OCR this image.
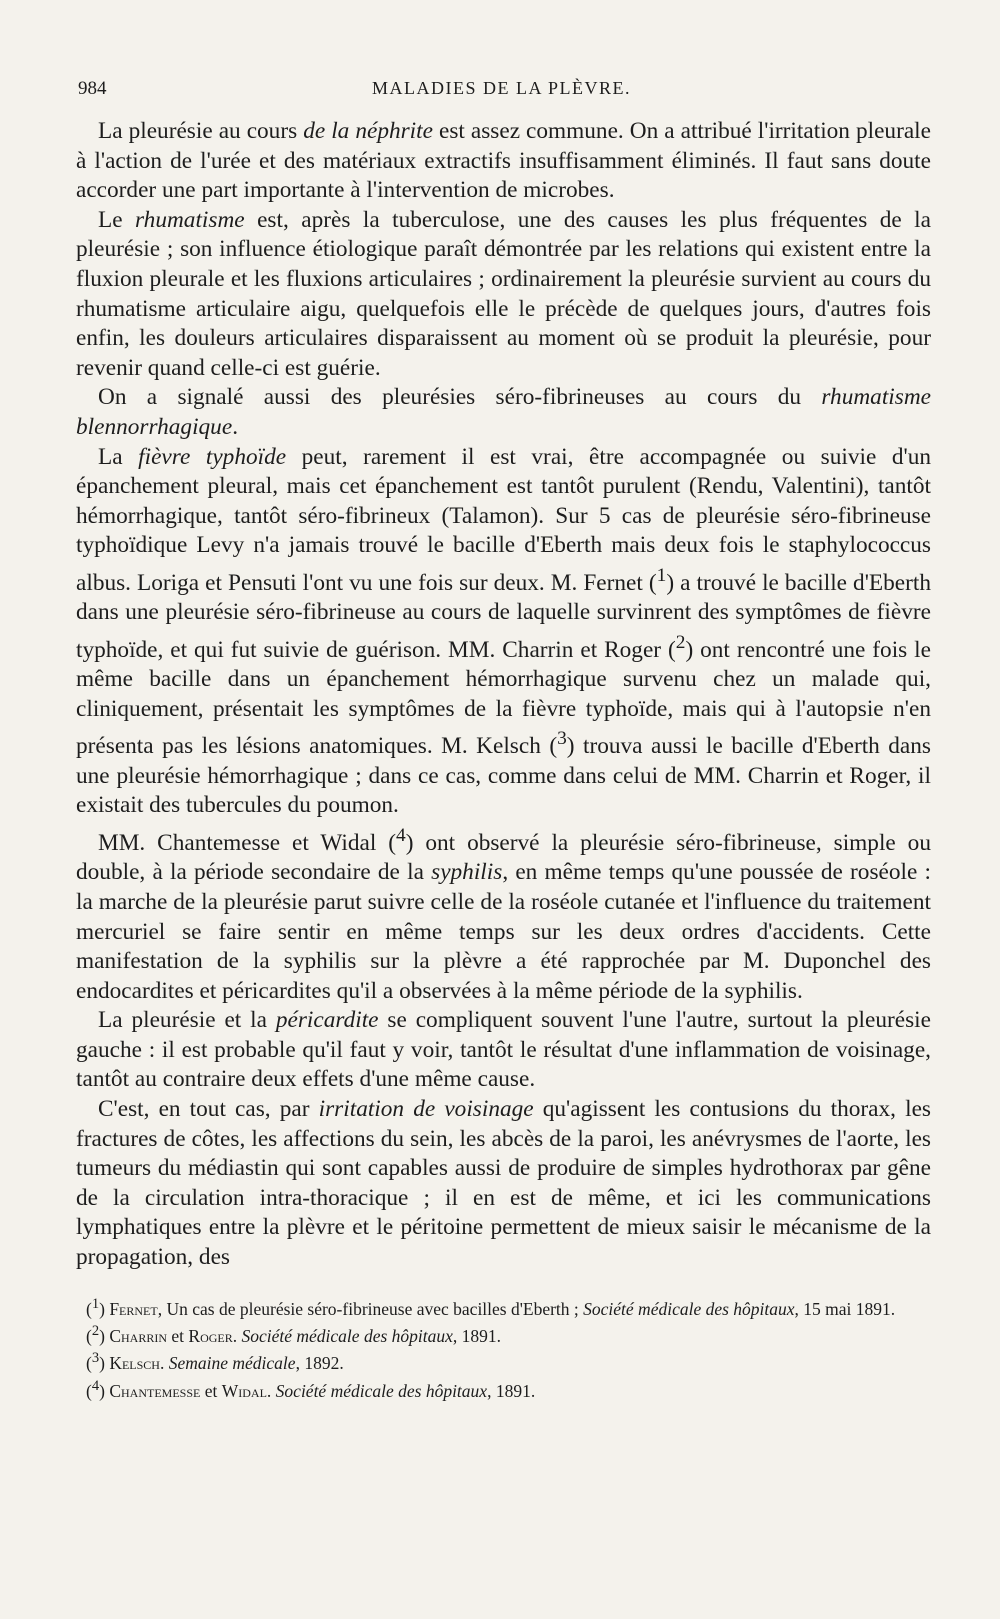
984	MALADIES DE LA PLÈVRE.

La pleurésie au cours de la néphrite est assez commune. On a attribué l'irritation pleurale à l'action de l'urée et des matériaux extractifs insuffisamment éliminés. Il faut sans doute accorder une part importante à l'intervention de microbes.

Le rhumatisme est, après la tuberculose, une des causes les plus fréquentes de la pleurésie ; son influence étiologique paraît démontrée par les relations qui existent entre la fluxion pleurale et les fluxions articulaires ; ordinairement la pleurésie survient au cours du rhumatisme articulaire aigu, quelquefois elle le précède de quelques jours, d'autres fois enfin, les douleurs articulaires disparaissent au moment où se produit la pleurésie, pour revenir quand celle-ci est guérie.

On a signalé aussi des pleurésies séro-fibrineuses au cours du rhumatisme blennorrhagique.

La fièvre typhoïde peut, rarement il est vrai, être accompagnée ou suivie d'un épanchement pleural, mais cet épanchement est tantôt purulent (Rendu, Valentini), tantôt hémorrhagique, tantôt séro-fibrineux (Talamon). Sur 5 cas de pleurésie séro-fibrineuse typhoïdique Levy n'a jamais trouvé le bacille d'Eberth mais deux fois le staphylococcus albus. Loriga et Pensuti l'ont vu une fois sur deux. M. Fernet ($^1$) a trouvé le bacille d'Eberth dans une pleurésie séro-fibrineuse au cours de laquelle survinrent des symptômes de fièvre typhoïde, et qui fut suivie de guérison. MM. Charrin et Roger ($^2$) ont rencontré une fois le même bacille dans un épanchement hémorrhagique survenu chez un malade qui, cliniquement, présentait les symptômes de la fièvre typhoïde, mais qui à l'autopsie n'en présenta pas les lésions anatomiques. M. Kelsch ($^3$) trouva aussi le bacille d'Eberth dans une pleurésie hémorrhagique ; dans ce cas, comme dans celui de MM. Charrin et Roger, il existait des tubercules du poumon.

MM. Chantemesse et Widal ($^4$) ont observé la pleurésie séro-fibrineuse, simple ou double, à la période secondaire de la syphilis, en même temps qu'une poussée de roséole : la marche de la pleurésie parut suivre celle de la roséole cutanée et l'influence du traitement mercuriel se faire sentir en même temps sur les deux ordres d'accidents. Cette manifestation de la syphilis sur la plèvre a été rapprochée par M. Duponchel des endocardites et péricardites qu'il a observées à la même période de la syphilis.

La pleurésie et la péricardite se compliquent souvent l'une l'autre, surtout la pleurésie gauche : il est probable qu'il faut y voir, tantôt le résultat d'une inflammation de voisinage, tantôt au contraire deux effets d'une même cause.

C'est, en tout cas, par irritation de voisinage qu'agissent les contusions du thorax, les fractures de côtes, les affections du sein, les abcès de la paroi, les anévrysmes de l'aorte, les tumeurs du médiastin qui sont capables aussi de produire de simples hydrothorax par gêne de la circulation intra-thoracique ; il en est de même, et ici les communications lymphatiques entre la plèvre et le péritoine permettent de mieux saisir le mécanisme de la propagation, des

($^1$) Fernet, Un cas de pleurésie séro-fibrineuse avec bacilles d'Eberth ; Société médicale des hôpitaux, 15 mai 1891.

($^2$) Charrin et Roger. Société médicale des hôpitaux, 1891.

($^3$) Kelsch. Semaine médicale, 1892.

($^4$) Chantemesse et Widal. Société médicale des hôpitaux, 1891.
